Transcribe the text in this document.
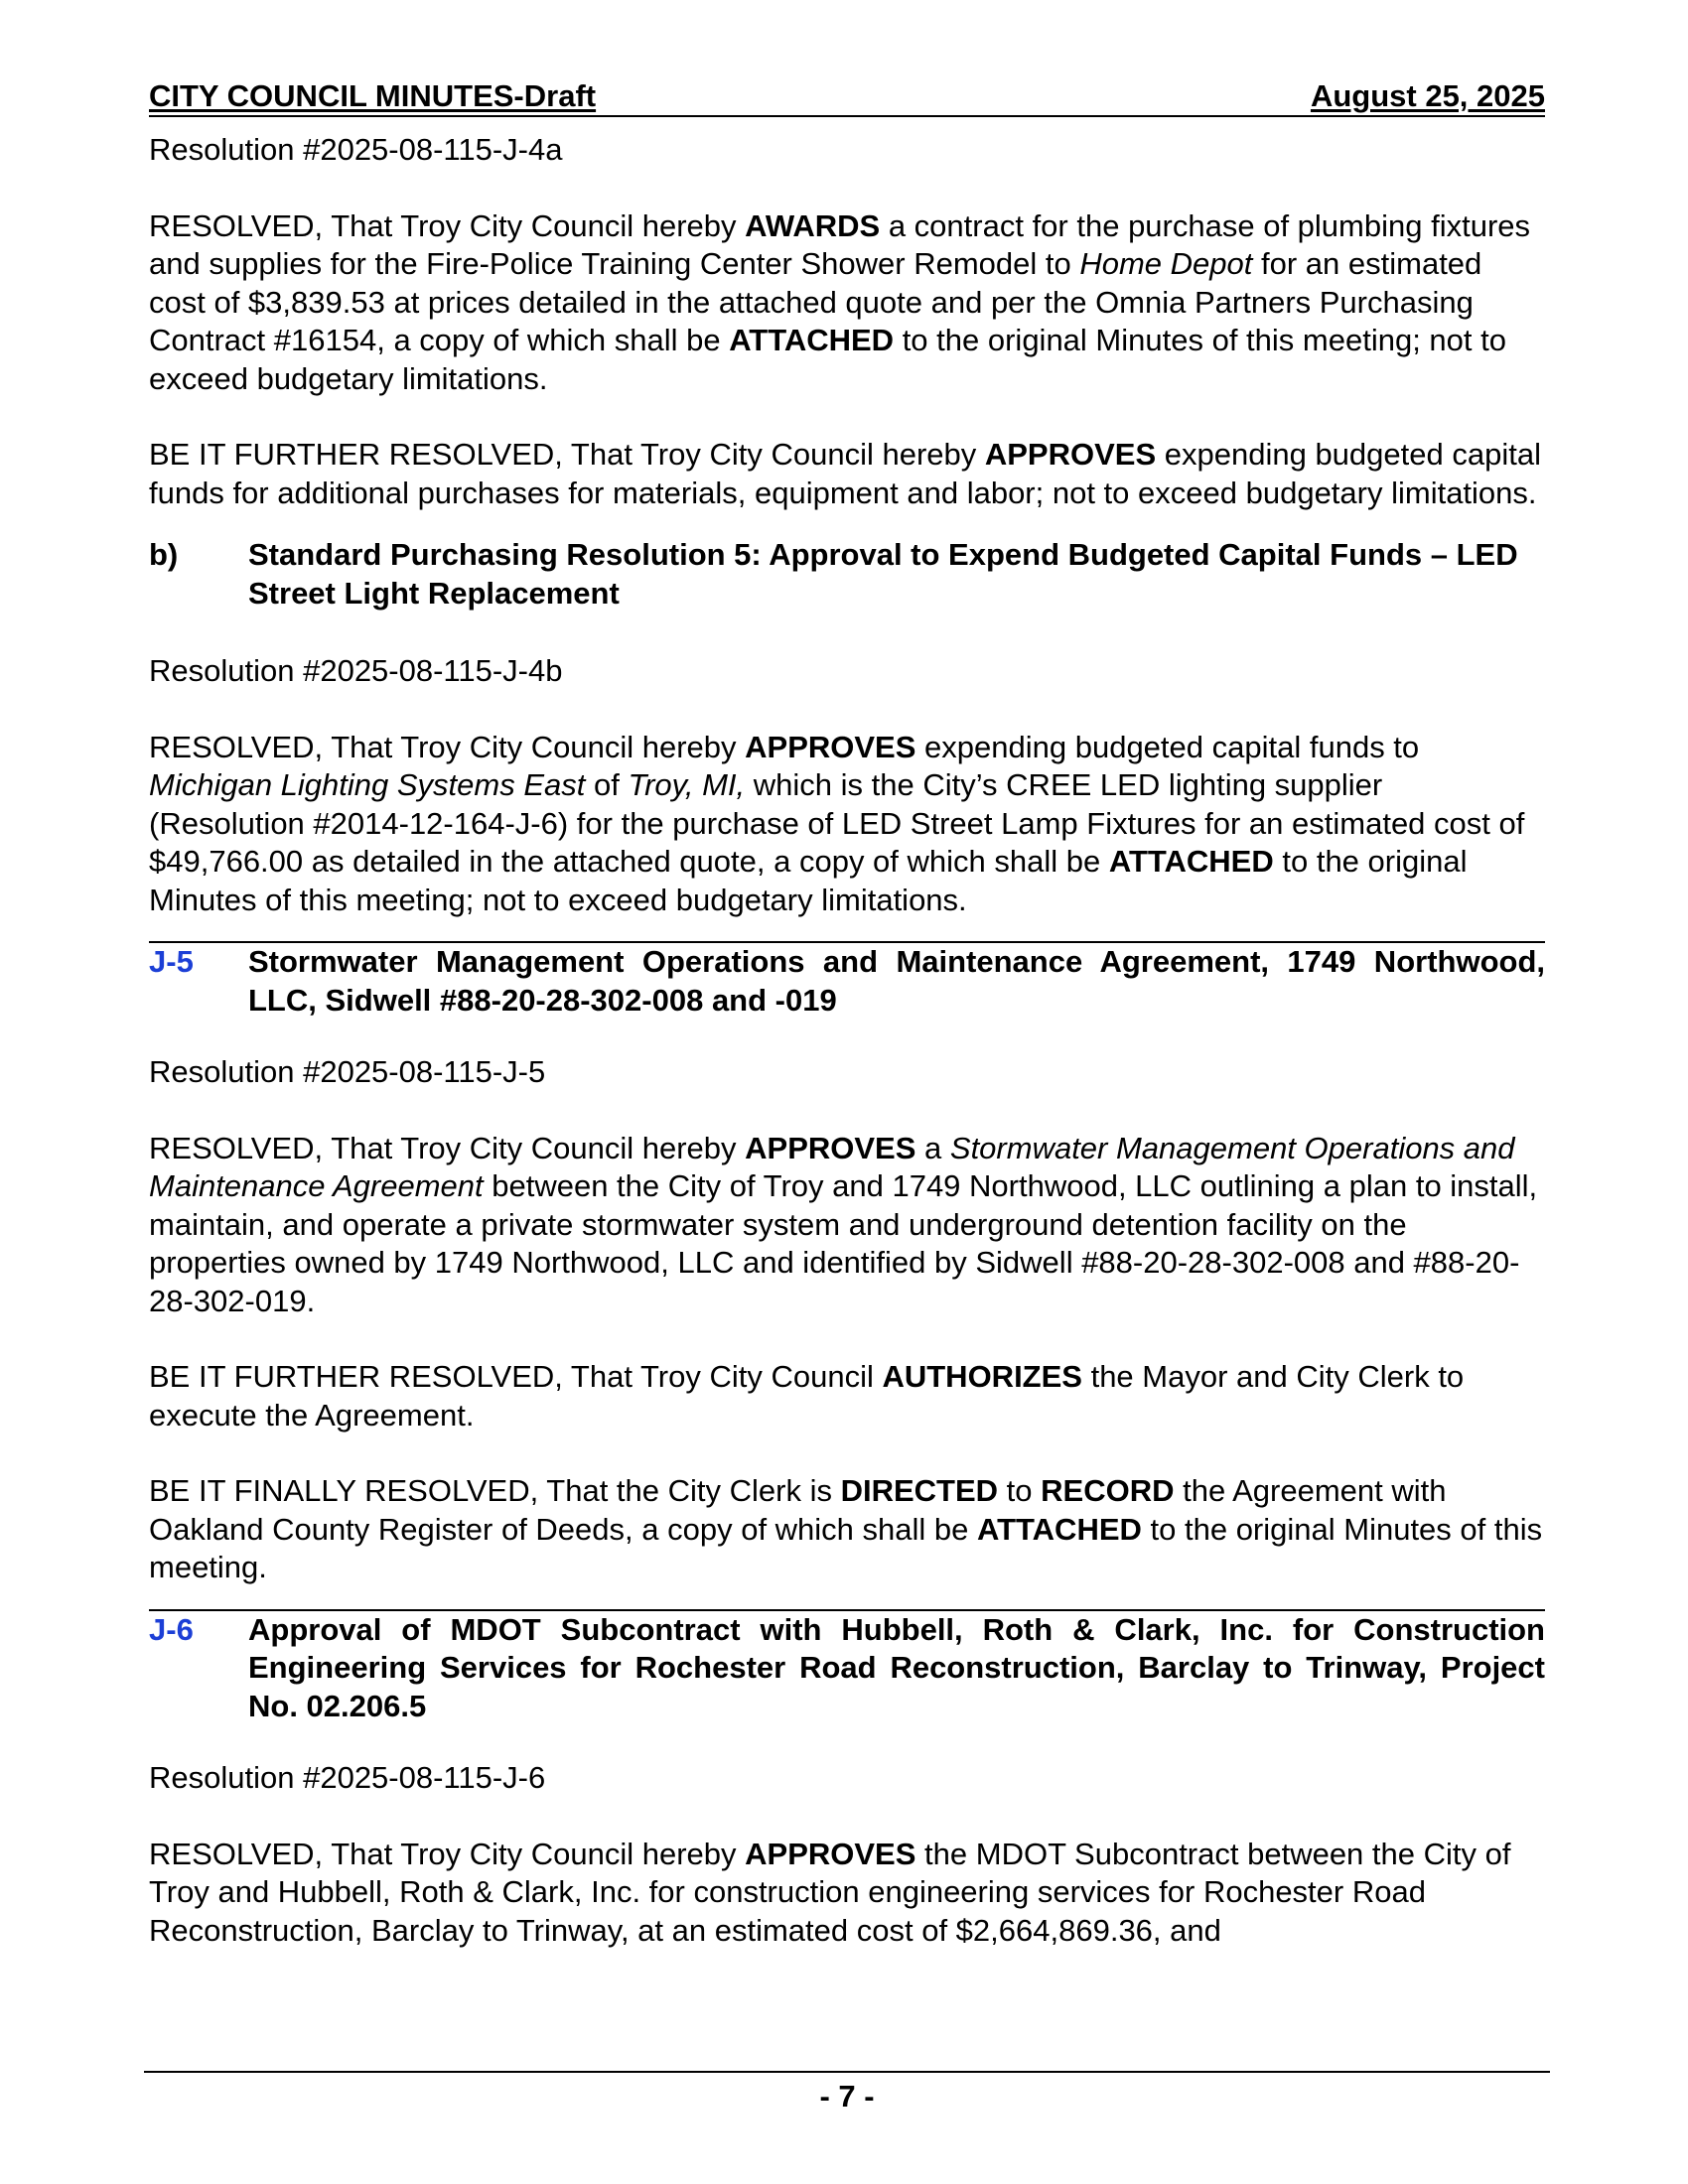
CITY COUNCIL MINUTES-Draft	August 25, 2025

Resolution #2025-08-115-J-4a

RESOLVED, That Troy City Council hereby AWARDS a contract for the purchase of plumbing fixtures and supplies for the Fire-Police Training Center Shower Remodel to Home Depot for an estimated cost of $3,839.53 at prices detailed in the attached quote and per the Omnia Partners Purchasing Contract #16154, a copy of which shall be ATTACHED to the original Minutes of this meeting; not to exceed budgetary limitations.

BE IT FURTHER RESOLVED, That Troy City Council hereby APPROVES expending budgeted capital funds for additional purchases for materials, equipment and labor; not to exceed budgetary limitations.

b)	Standard Purchasing Resolution 5: Approval to Expend Budgeted Capital Funds – LED Street Light Replacement

Resolution #2025-08-115-J-4b

RESOLVED, That Troy City Council hereby APPROVES expending budgeted capital funds to Michigan Lighting Systems East of Troy, MI, which is the City’s CREE LED lighting supplier (Resolution #2014-12-164-J-6) for the purchase of LED Street Lamp Fixtures for an estimated cost of $49,766.00 as detailed in the attached quote, a copy of which shall be ATTACHED to the original Minutes of this meeting; not to exceed budgetary limitations.

J-5	Stormwater Management Operations and Maintenance Agreement, 1749 Northwood, LLC, Sidwell #88-20-28-302-008 and -019

Resolution #2025-08-115-J-5

RESOLVED, That Troy City Council hereby APPROVES a Stormwater Management Operations and Maintenance Agreement between the City of Troy and 1749 Northwood, LLC outlining a plan to install, maintain, and operate a private stormwater system and underground detention facility on the properties owned by 1749 Northwood, LLC and identified by Sidwell #88-20-28-302-008 and #88-20-28-302-019.

BE IT FURTHER RESOLVED, That Troy City Council AUTHORIZES the Mayor and City Clerk to execute the Agreement.

BE IT FINALLY RESOLVED, That the City Clerk is DIRECTED to RECORD the Agreement with Oakland County Register of Deeds, a copy of which shall be ATTACHED to the original Minutes of this meeting.

J-6	Approval of MDOT Subcontract with Hubbell, Roth & Clark, Inc. for Construction Engineering Services for Rochester Road Reconstruction, Barclay to Trinway, Project No. 02.206.5

Resolution #2025-08-115-J-6

RESOLVED, That Troy City Council hereby APPROVES the MDOT Subcontract between the City of Troy and Hubbell, Roth & Clark, Inc. for construction engineering services for Rochester Road Reconstruction, Barclay to Trinway, at an estimated cost of $2,664,869.36, and

- 7 -
